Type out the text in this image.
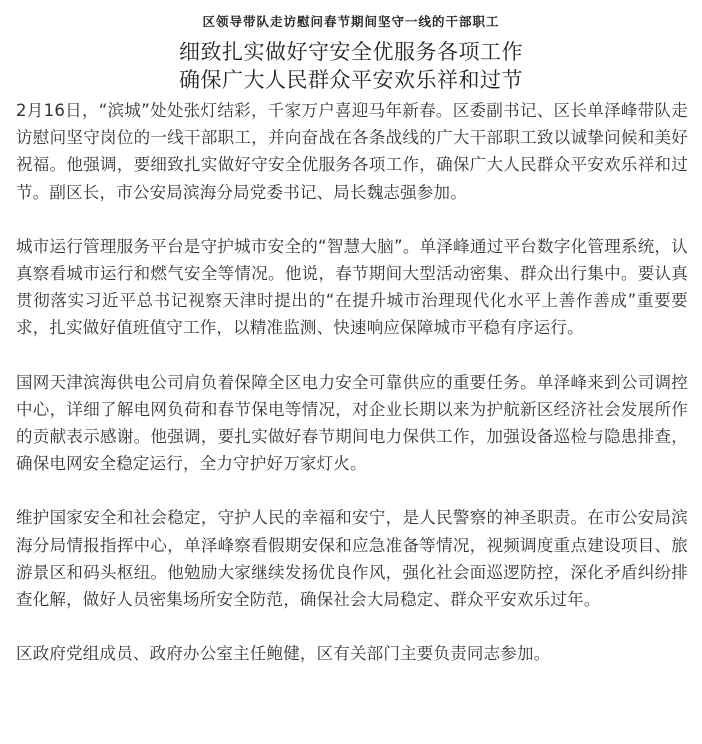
区领导带队走访慰问春节期间坚守一线的干部职工
细致扎实做好守安全优服务各项工作
确保广大人民群众平安欢乐祥和过节

2月16日，“滨城”处处张灯结彩，千家万户喜迎马年新春。区委副书记、区长单泽峰带队走访慰问坚守岗位的一线干部职工，并向奋战在各条战线的广大干部职工致以诚挚问候和美好祝福。他强调，要细致扎实做好守安全优服务各项工作，确保广大人民群众平安欢乐祥和过节。副区长，市公安局滨海分局党委书记、局长魏志强参加。

城市运行管理服务平台是守护城市安全的“智慧大脑”。单泽峰通过平台数字化管理系统，认真察看城市运行和燃气安全等情况。他说，春节期间大型活动密集、群众出行集中。要认真贯彻落实习近平总书记视察天津时提出的“在提升城市治理现代化水平上善作善成”重要要求，扎实做好值班值守工作，以精准监测、快速响应保障城市平稳有序运行。

国网天津滨海供电公司肩负着保障全区电力安全可靠供应的重要任务。单泽峰来到公司调控中心，详细了解电网负荷和春节保电等情况，对企业长期以来为护航新区经济社会发展所作的贡献表示感谢。他强调，要扎实做好春节期间电力保供工作，加强设备巡检与隐患排查，确保电网安全稳定运行，全力守护好万家灯火。

维护国家安全和社会稳定，守护人民的幸福和安宁，是人民警察的神圣职责。在市公安局滨海分局情报指挥中心，单泽峰察看假期安保和应急准备等情况，视频调度重点建设项目、旅游景区和码头枢纽。他勉励大家继续发扬优良作风，强化社会面巡逻防控，深化矛盾纠纷排查化解，做好人员密集场所安全防范，确保社会大局稳定、群众平安欢乐过年。

区政府党组成员、政府办公室主任鲍健，区有关部门主要负责同志参加。
